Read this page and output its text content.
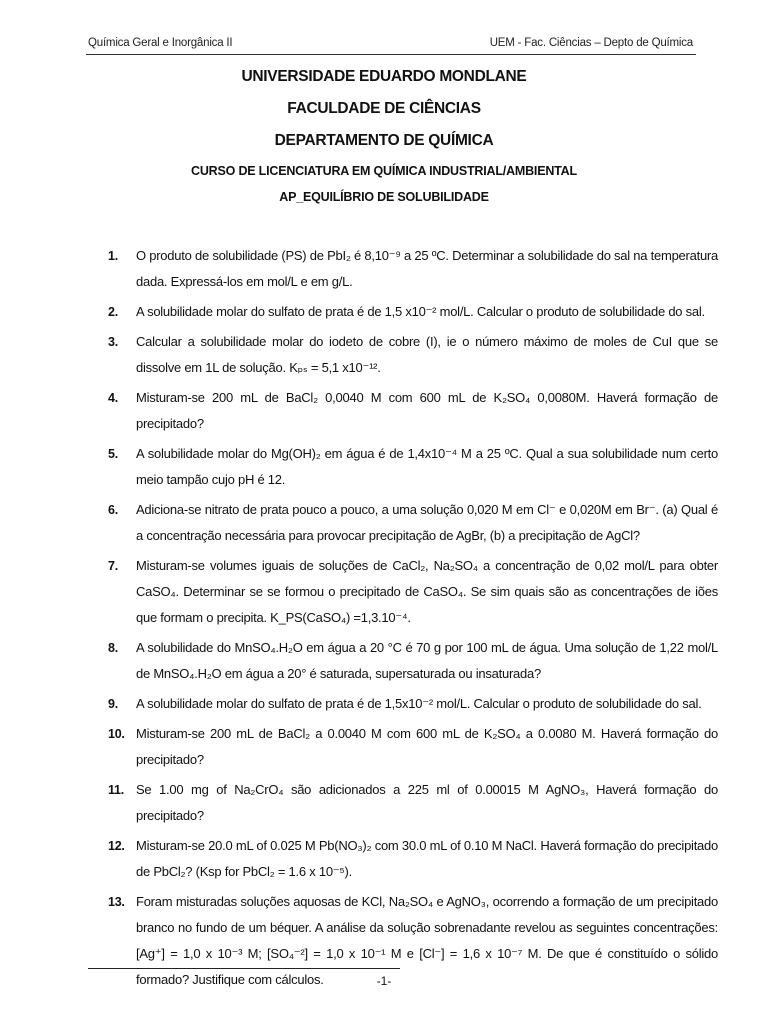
Química Geral e Inorgânica II	UEM - Fac. Ciências – Depto de Química
UNIVERSIDADE EDUARDO MONDLANE
FACULDADE DE CIÊNCIAS
DEPARTAMENTO DE QUÍMICA
CURSO DE LICENCIATURA EM QUÍMICA INDUSTRIAL/AMBIENTAL
AP_EQUILÍBRIO DE SOLUBILIDADE
1.	O produto de solubilidade (PS) de PbI₂ é 8,10⁻⁹ a 25 ºC. Determinar a solubilidade do sal na temperatura dada. Expressá-los em mol/L e em g/L.
2.	A solubilidade molar do sulfato de prata é de 1,5 x10⁻² mol/L. Calcular o produto de solubilidade do sal.
3.	Calcular a solubilidade molar do iodeto de cobre (I), ie o número máximo de moles de CuI que se dissolve em 1L de solução. Kₚₛ = 5,1 x10⁻¹².
4.	Misturam-se 200 mL de BaCl₂ 0,0040 M com 600 mL de K₂SO₄ 0,0080M. Haverá formação de precipitado?
5.	A solubilidade molar do Mg(OH)₂ em água é de 1,4x10⁻⁴ M a 25 ºC. Qual a sua solubilidade num certo meio tampão cujo pH é 12.
6.	Adiciona-se nitrato de prata pouco a pouco, a uma solução 0,020 M em Cl⁻ e 0,020M em Br⁻. (a) Qual é a concentração necessária para provocar precipitação de AgBr, (b) a precipitação de AgCl?
7.	Misturam-se volumes iguais de soluções de CaCl₂, Na₂SO₄ a concentração de 0,02 mol/L para obter CaSO₄. Determinar se se formou o precipitado de CaSO₄. Se sim quais são as concentrações de iões que formam o precipita. K_PS(CaSO₄) =1,3.10⁻⁴.
8.	A solubilidade do MnSO₄.H₂O em água a 20 °C é 70 g por 100 mL de água. Uma solução de 1,22 mol/L de MnSO₄.H₂O em água a 20° é saturada, supersaturada ou insaturada?
9.	A solubilidade molar do sulfato de prata é de 1,5x10⁻² mol/L. Calcular o produto de solubilidade do sal.
10. Misturam-se 200 mL de BaCl₂ a 0.0040 M com 600 mL de K₂SO₄ a 0.0080 M. Haverá formação do precipitado?
11. Se 1.00 mg of Na₂CrO₄ são adicionados a 225 ml of 0.00015 M AgNO₃, Haverá formação do precipitado?
12. Misturam-se 20.0 mL of 0.025 M Pb(NO₃)₂ com 30.0 mL of 0.10 M NaCl. Haverá formação do precipitado de PbCl₂? (Ksp for PbCl₂ = 1.6 x 10⁻⁵).
13. Foram misturadas soluções aquosas de KCl, Na₂SO₄ e AgNO₃, ocorrendo a formação de um precipitado branco no fundo de um béquer. A análise da solução sobrenadante revelou as seguintes concentrações: [Ag⁺] = 1,0 x 10⁻³ M; [SO₄⁻²] = 1,0 x 10⁻¹ M e [Cl⁻] = 1,6 x 10⁻⁷ M. De que é constituído o sólido formado? Justifique com cálculos.	-1-
